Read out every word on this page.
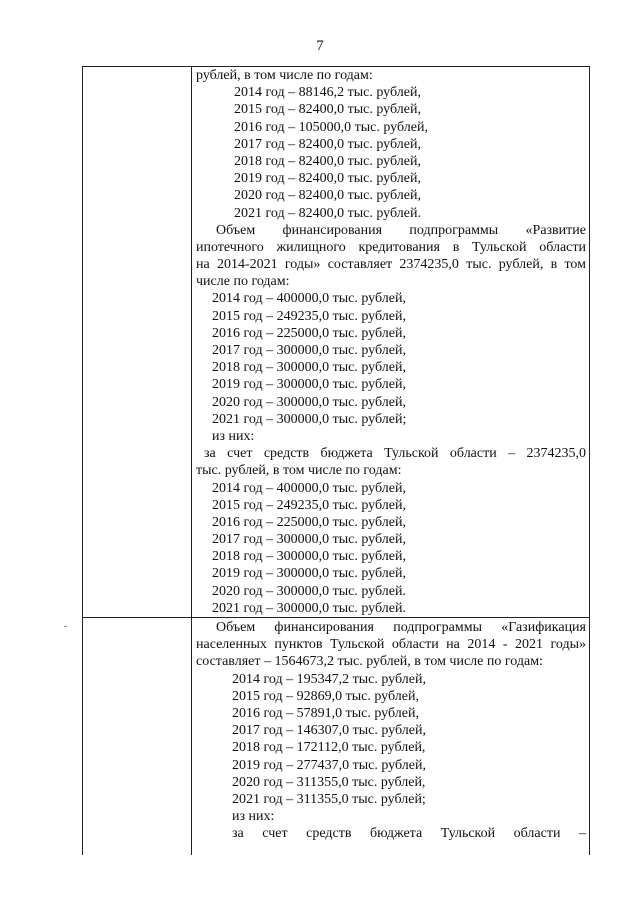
7
рублей, в том числе по годам:
2014 год – 88146,2 тыс. рублей,
2015 год – 82400,0 тыс. рублей,
2016 год – 105000,0 тыс. рублей,
2017 год – 82400,0 тыс. рублей,
2018 год – 82400,0 тыс. рублей,
2019 год – 82400,0 тыс. рублей,
2020 год – 82400,0 тыс. рублей,
2021 год – 82400,0 тыс. рублей.
Объем финансирования подпрограммы «Развитие
ипотечного жилищного кредитования в Тульской области
на 2014-2021 годы» составляет 2374235,0 тыс. рублей, в том
числе по годам:
2014 год – 400000,0 тыс. рублей,
2015 год – 249235,0 тыс. рублей,
2016 год – 225000,0 тыс. рублей,
2017 год – 300000,0 тыс. рублей,
2018 год – 300000,0 тыс. рублей,
2019 год – 300000,0 тыс. рублей,
2020 год – 300000,0 тыс. рублей,
2021 год – 300000,0 тыс. рублей;
из них:
за счет средств бюджета Тульской области – 2374235,0
тыс. рублей, в том числе по годам:
2014 год – 400000,0 тыс. рублей,
2015 год – 249235,0 тыс. рублей,
2016 год – 225000,0 тыс. рублей,
2017 год – 300000,0 тыс. рублей,
2018 год – 300000,0 тыс. рублей,
2019 год – 300000,0 тыс. рублей,
2020 год – 300000,0 тыс. рублей.
2021 год – 300000,0 тыс. рублей.
Объем финансирования подпрограммы «Газификация
населенных пунктов Тульской области на 2014 - 2021 годы»
составляет – 1564673,2 тыс. рублей, в том числе по годам:
2014 год – 195347,2 тыс. рублей,
2015 год – 92869,0 тыс. рублей,
2016 год – 57891,0 тыс. рублей,
2017 год – 146307,0 тыс. рублей,
2018 год – 172112,0 тыс. рублей,
2019 год – 277437,0 тыс. рублей,
2020 год – 311355,0 тыс. рублей,
2021 год – 311355,0 тыс. рублей;
из них:
за счет средств бюджета Тульской области –
